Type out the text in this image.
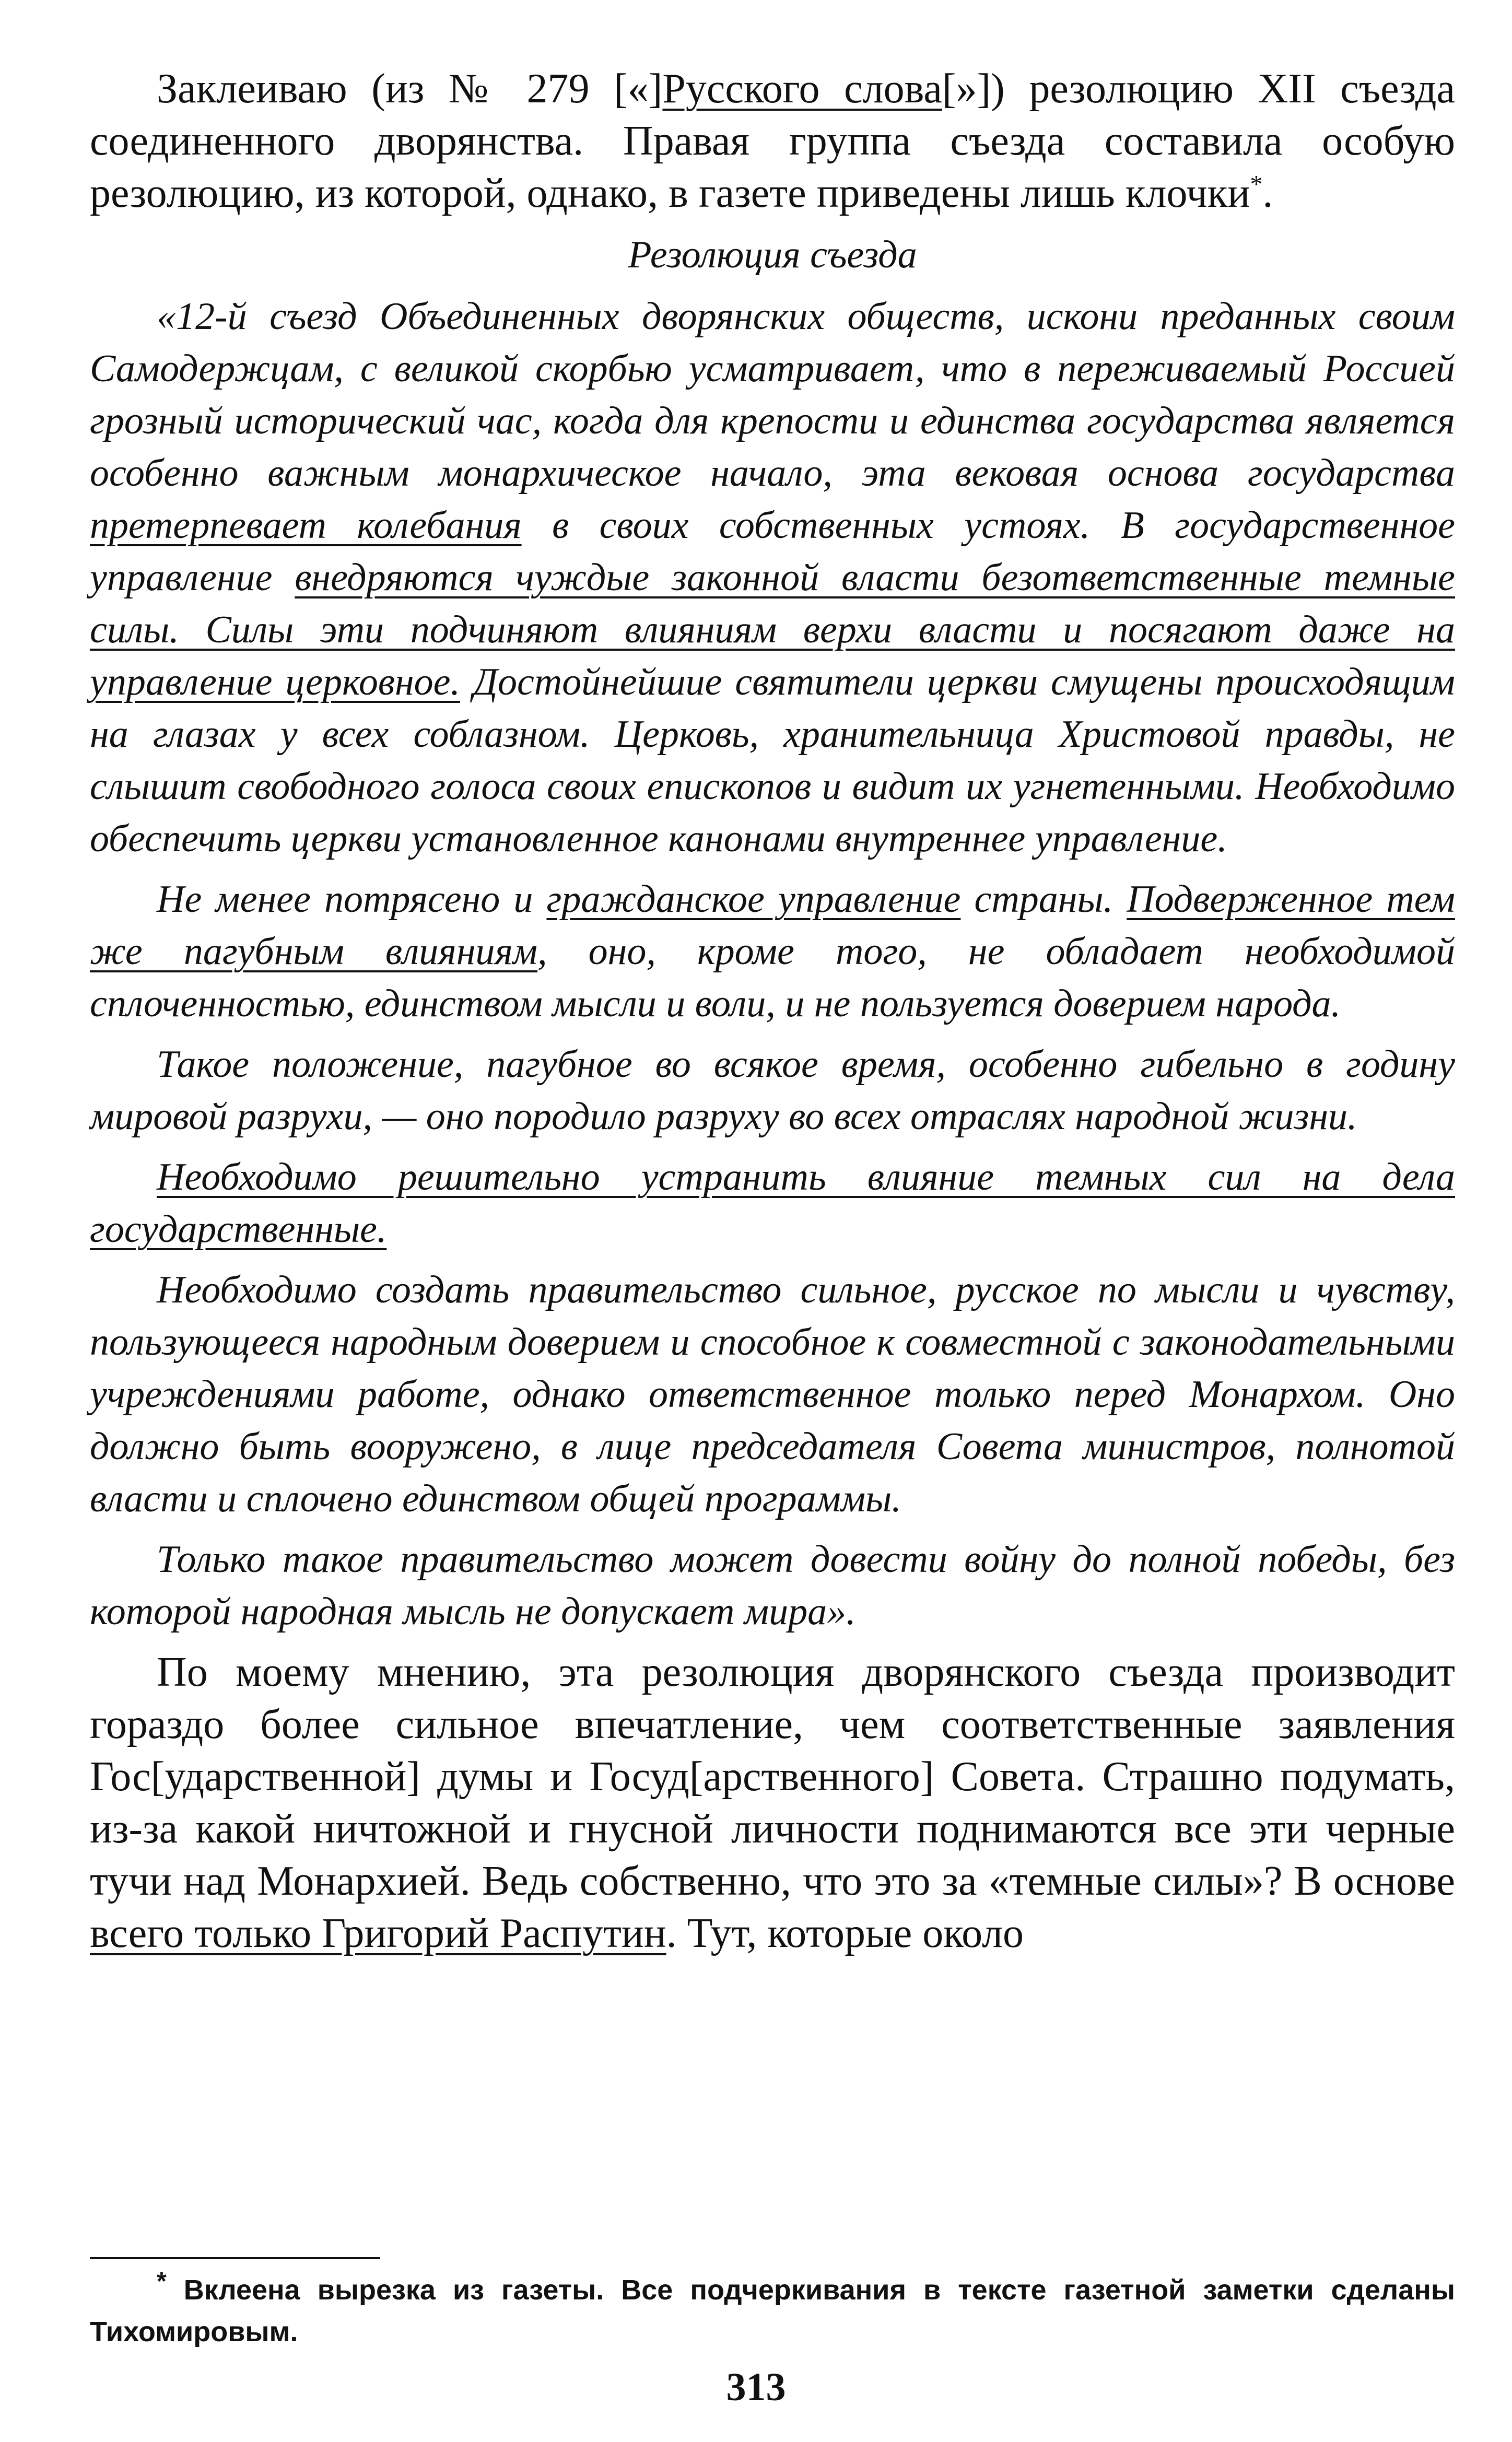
Заклеиваю (из № 279 [«]Русского слова[»]) резолюцию XII съезда соединенного дворянства. Правая группа съезда составила особую резолюцию, из которой, однако, в газете приведены лишь клочки*.

Резолюция съезда

«12-й съезд Объединенных дворянских обществ, искони преданных своим Самодержцам, с великой скорбью усматривает, что в переживаемый Россией грозный исторический час, когда для крепости и единства государства является особенно важным монархическое начало, эта вековая основа государства претерпевает колебания в своих собственных устоях. В государственное управление внедряются чуждые законной власти безответственные темные силы. Силы эти подчиняют влияниям верхи власти и посягают даже на управление церковное. Достойнейшие святители церкви смущены происходящим на глазах у всех соблазном. Церковь, хранительница Христовой правды, не слышит свободного голоса своих епископов и видит их угнетенными. Необходимо обеспечить церкви установленное канонами внутреннее управление.

Не менее потрясено и гражданское управление страны. Подверженное тем же пагубным влияниям, оно, кроме того, не обладает необходимой сплоченностью, единством мысли и воли, и не пользуется доверием народа.

Такое положение, пагубное во всякое время, особенно гибельно в годину мировой разрухи, — оно породило разруху во всех отраслях народной жизни.

Необходимо решительно устранить влияние темных сил на дела государственные.

Необходимо создать правительство сильное, русское по мысли и чувству, пользующееся народным доверием и способное к совместной с законодательными учреждениями работе, однако ответственное только перед Монархом. Оно должно быть вооружено, в лице председателя Совета министров, полнотой власти и сплочено единством общей программы.

Только такое правительство может довести войну до полной победы, без которой народная мысль не допускает мира».

По моему мнению, эта резолюция дворянского съезда производит гораздо более сильное впечатление, чем соответственные заявления Гос[ударственной] думы и Госуд[арственного] Совета. Страшно подумать, из-за какой ничтожной и гнусной личности поднимаются все эти черные тучи над Монархией. Ведь собственно, что это за «темные силы»? В основе всего только Григорий Распутин. Тут, которые около

* Вклеена вырезка из газеты. Все подчеркивания в тексте газетной заметки сделаны Тихомировым.

313
